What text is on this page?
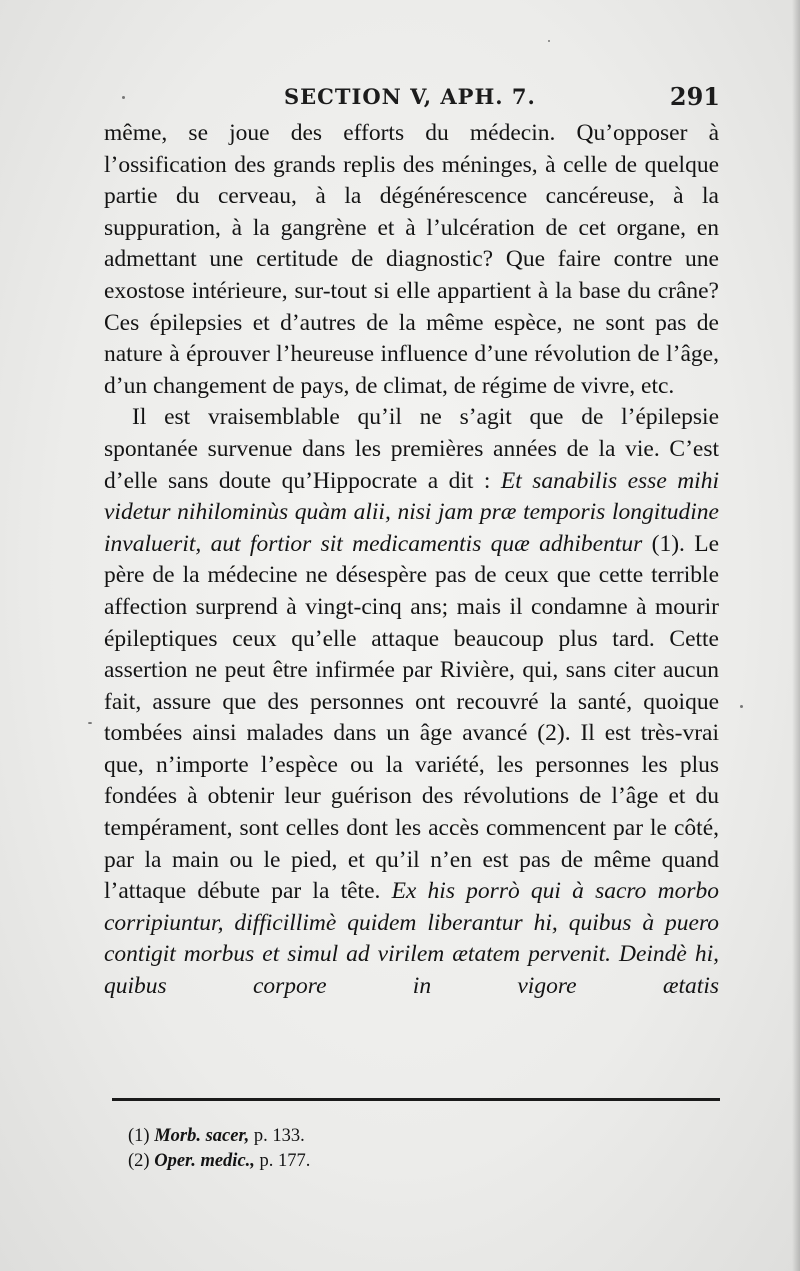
SECTION V, APH. 7.	291

même, se joue des efforts du médecin. Qu’opposer à l’ossification des grands replis des méninges, à celle de quelque partie du cerveau, à la dégénérescence cancéreuse, à la suppuration, à la gangrène et à l’ulcération de cet organe, en admettant une certitude de diagnostic? Que faire contre une exostose intérieure, sur-tout si elle appartient à la base du crâne? Ces épilepsies et d’autres de la même espèce, ne sont pas de nature à éprouver l’heureuse influence d’une révolution de l’âge, d’un changement de pays, de climat, de régime de vivre, etc.

Il est vraisemblable qu’il ne s’agit que de l’épilepsie spontanée survenue dans les premières années de la vie. C’est d’elle sans doute qu’Hippocrate a dit : Et sanabilis esse mihi videtur nihilominùs quàm alii, nisi jam præ temporis longitudine invaluerit, aut fortior sit medicamentis quæ adhibentur (1). Le père de la médecine ne désespère pas de ceux que cette terrible affection surprend à vingt-cinq ans; mais il condamne à mourir épileptiques ceux qu’elle attaque beaucoup plus tard. Cette assertion ne peut être infirmée par Rivière, qui, sans citer aucun fait, assure que des personnes ont recouvré la santé, quoique tombées ainsi malades dans un âge avancé (2). Il est très-vrai que, n’importe l’espèce ou la variété, les personnes les plus fondées à obtenir leur guérison des révolutions de l’âge et du tempérament, sont celles dont les accès commencent par le côté, par la main ou le pied, et qu’il n’en est pas de même quand l’attaque débute par la tête. Ex his porrò qui à sacro morbo corripiuntur, difficillimè quidem liberantur hi, quibus à puero contigit morbus et simul ad virilem ætatem pervenit. Deindè hi, quibus corpore in vigore ætatis

(1) Morb. sacer, p. 133.
(2) Oper. medic., p. 177.
